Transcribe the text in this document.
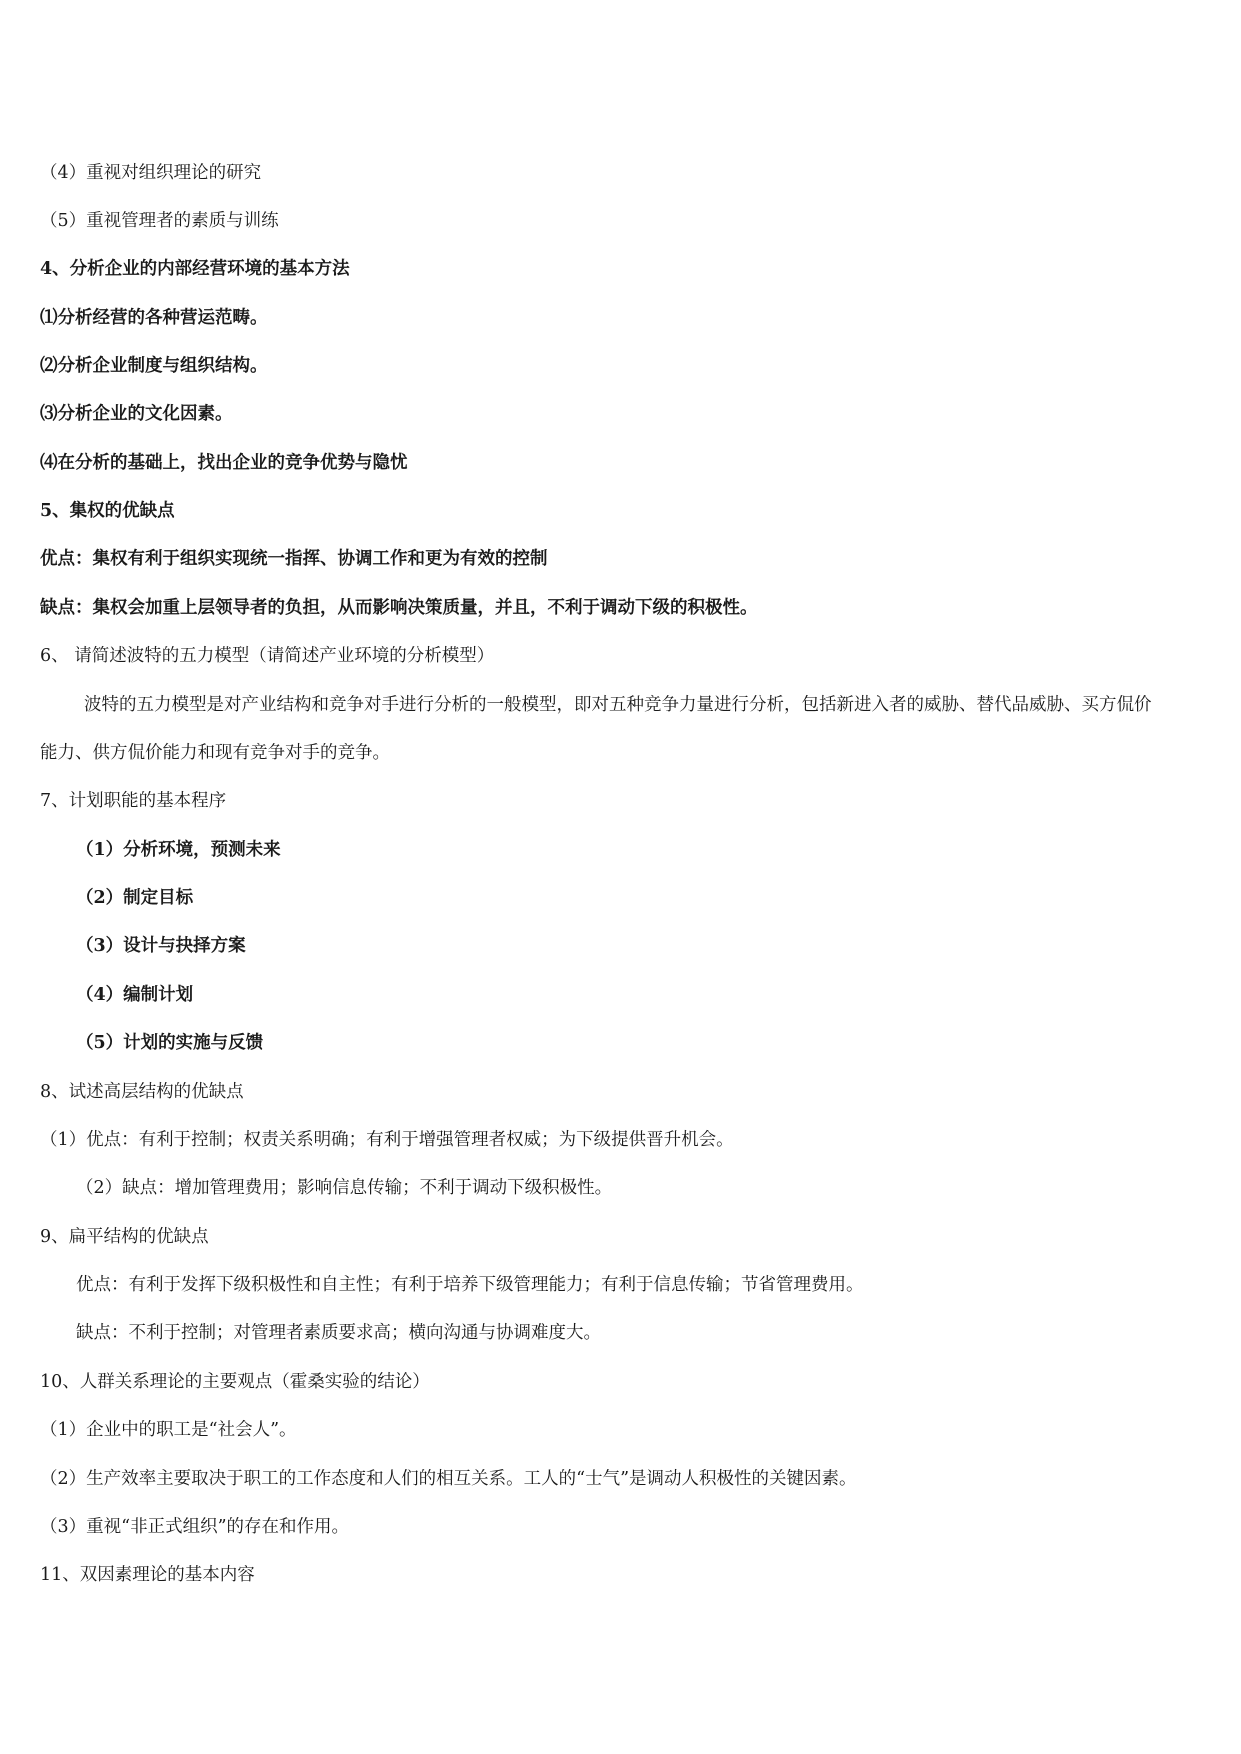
（4）重视对组织理论的研究
（5）重视管理者的素质与训练
4、分析企业的内部经营环境的基本方法
⑴分析经营的各种营运范畴。
⑵分析企业制度与组织结构。
⑶分析企业的文化因素。
⑷在分析的基础上，找出企业的竞争优势与隐忧
5、集权的优缺点
优点：集权有利于组织实现统一指挥、协调工作和更为有效的控制
缺点：集权会加重上层领导者的负担，从而影响决策质量，并且，不利于调动下级的积极性。
6、 请简述波特的五力模型（请简述产业环境的分析模型）
波特的五力模型是对产业结构和竞争对手进行分析的一般模型，即对五种竞争力量进行分析，包括新进入者的威胁、替代品威胁、买方侃价
能力、供方侃价能力和现有竞争对手的竞争。
7、计划职能的基本程序
（1）分析环境，预测未来
（2）制定目标
（3）设计与抉择方案
（4）编制计划
（5）计划的实施与反馈
8、试述高层结构的优缺点
（1）优点：有利于控制；权责关系明确；有利于增强管理者权威；为下级提供晋升机会。
（2）缺点：增加管理费用；影响信息传输；不利于调动下级积极性。
9、扁平结构的优缺点
优点：有利于发挥下级积极性和自主性；有利于培养下级管理能力；有利于信息传输；节省管理费用。
缺点：不利于控制；对管理者素质要求高；横向沟通与协调难度大。
10、人群关系理论的主要观点（霍桑实验的结论）
（1）企业中的职工是“社会人”。
（2）生产效率主要取决于职工的工作态度和人们的相互关系。工人的“士气”是调动人积极性的关键因素。
（3）重视“非正式组织”的存在和作用。
11、双因素理论的基本内容
